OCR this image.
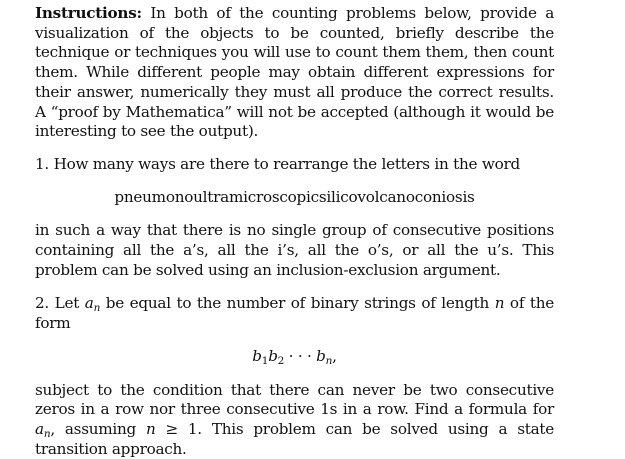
Instructions: In both of the counting problems below, provide a visualization of the objects to be counted, briefly describe the technique or techniques you will use to count them them, then count them. While different people may obtain different expressions for their answer, numerically they must all produce the correct results. A “proof by Mathematica” will not be accepted (although it would be interesting to see the output).

1. How many ways are there to rearrange the letters in the word

pneumonoultramicroscopicsilicovolcanoconiosis

in such a way that there is no single group of consecutive positions containing all the a’s, all the i’s, all the o’s, or all the u’s. This problem can be solved using an inclusion-exclusion argument.

2. Let $a_n$ be equal to the number of binary strings of length n of the form

$b_1b_2$ · · · $b_n$,

subject to the condition that there can never be two consecutive zeros in a row nor three consecutive 1s in a row. Find a formula for $a_n$, assuming n ≥ 1. This problem can be solved using a state transition approach.
